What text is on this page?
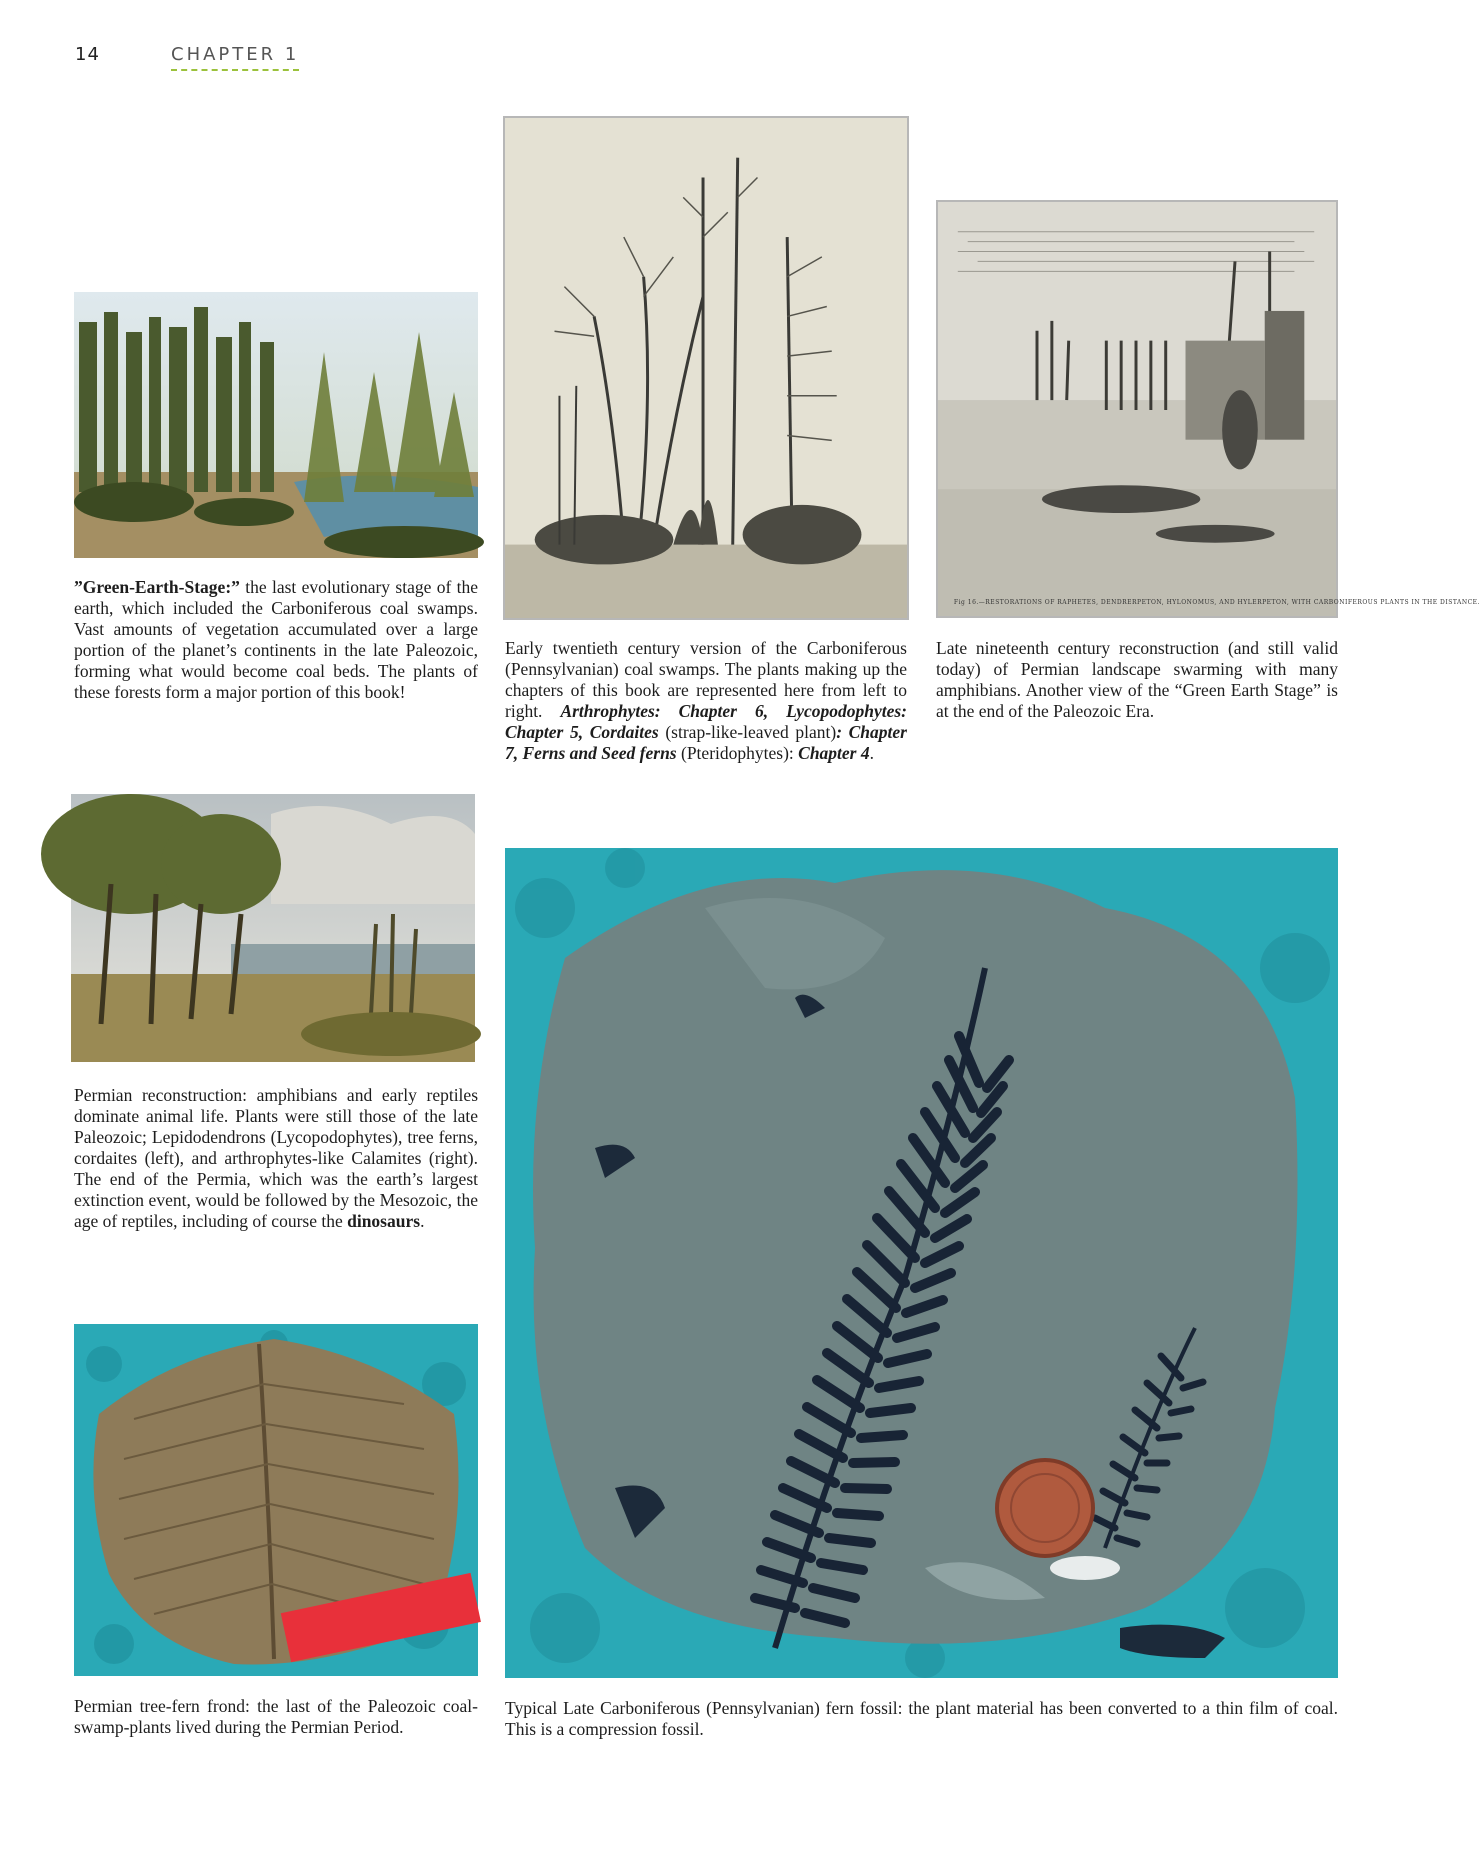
14	CHAPTER 1
”Green-Earth-Stage:” the last evolutionary stage of the earth, which included the Carboniferous coal swamps. Vast amounts of vegetation accumulated over a large portion of the planet’s continents in the late Paleozoic, forming what would become coal beds. The plants of these forests form a major portion of this book!
Early twentieth century version of the Carboniferous (Pennsylvanian) coal swamps. The plants making up the chapters of this book are represented here from left to right. Arthrophytes: Chapter 6, Lycopodophytes: Chapter 5, Cordaites (strap-like-leaved plant): Chapter 7, Ferns and Seed ferns (Pteridophytes): Chapter 4.
Fig 16.—RESTORATIONS OF RAPHETES, DENDRERPETON, HYLONOMUS, AND HYLERPETON, WITH CARBONIFEROUS PLANTS IN THE DISTANCE.
Late nineteenth century reconstruction (and still valid today) of Permian landscape swarming with many amphibians. Another view of the “Green Earth Stage” is at the end of the Paleozoic Era.
Permian reconstruction: amphibians and early reptiles dominate animal life. Plants were still those of the late Paleozoic; Lepidodendrons (Lycopodophytes), tree ferns, cordaites (left), and arthrophytes-like Calamites (right). The end of the Permia, which was the earth’s largest extinction event, would be followed by the Mesozoic, the age of reptiles, including of course the dinosaurs.
Permian tree-fern frond: the last of the Paleozoic coal-swamp-plants lived during the Permian Period.
Typical Late Carboniferous (Pennsylvanian) fern fossil: the plant material has been converted to a thin film of coal. This is a compression fossil.
